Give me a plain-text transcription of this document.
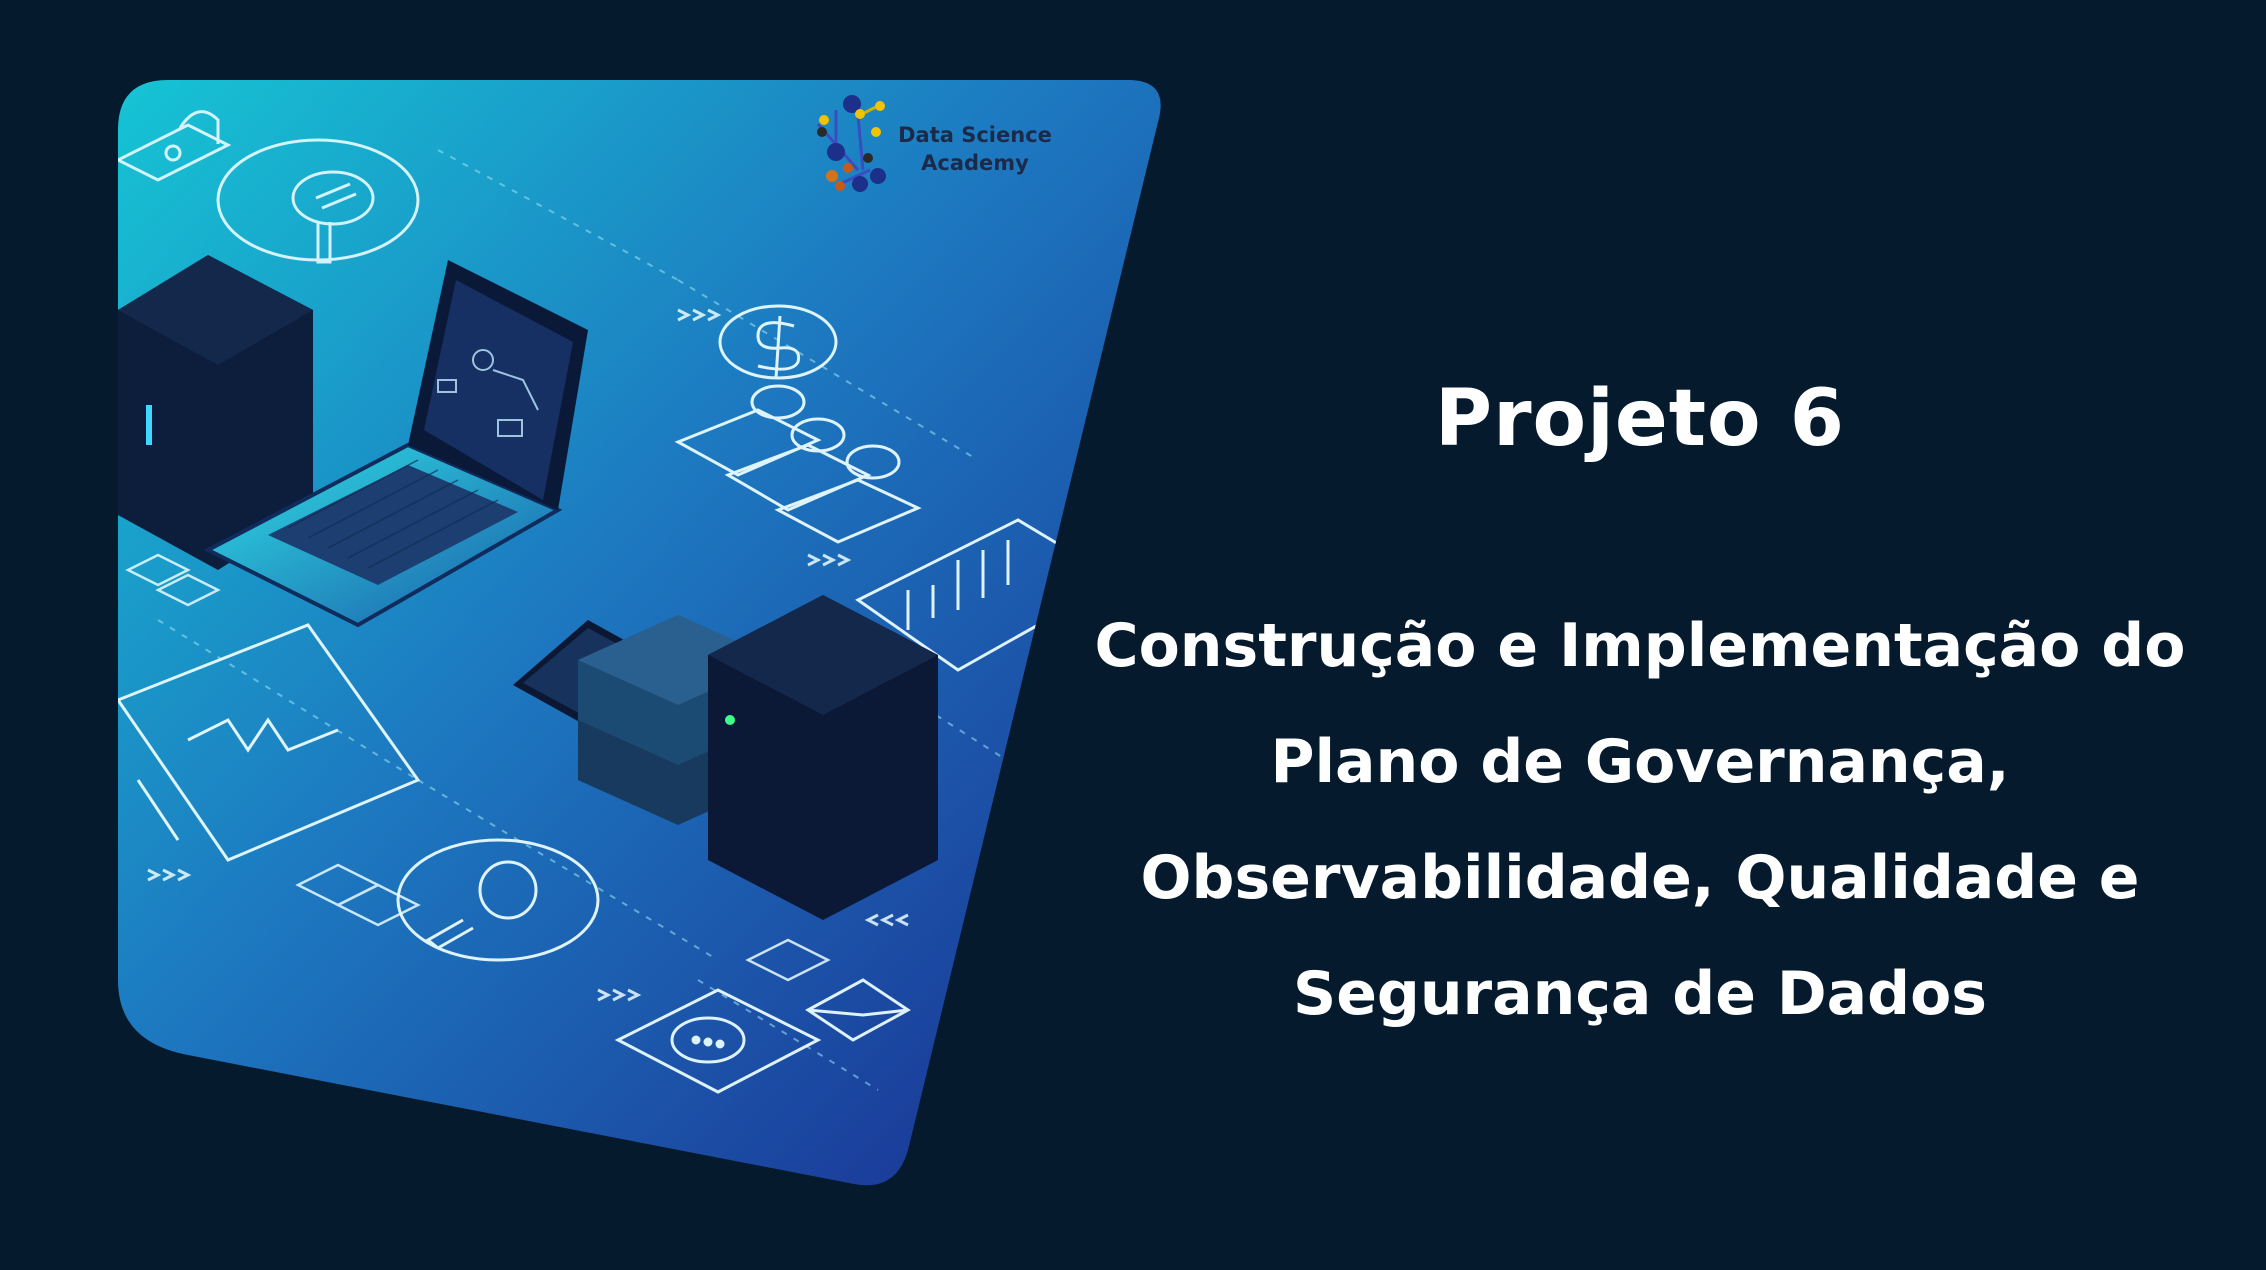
Data Science
Academy
Projeto 6

Construção e Implementação do
Plano de Governança,
Observabilidade, Qualidade e
Segurança de Dados
